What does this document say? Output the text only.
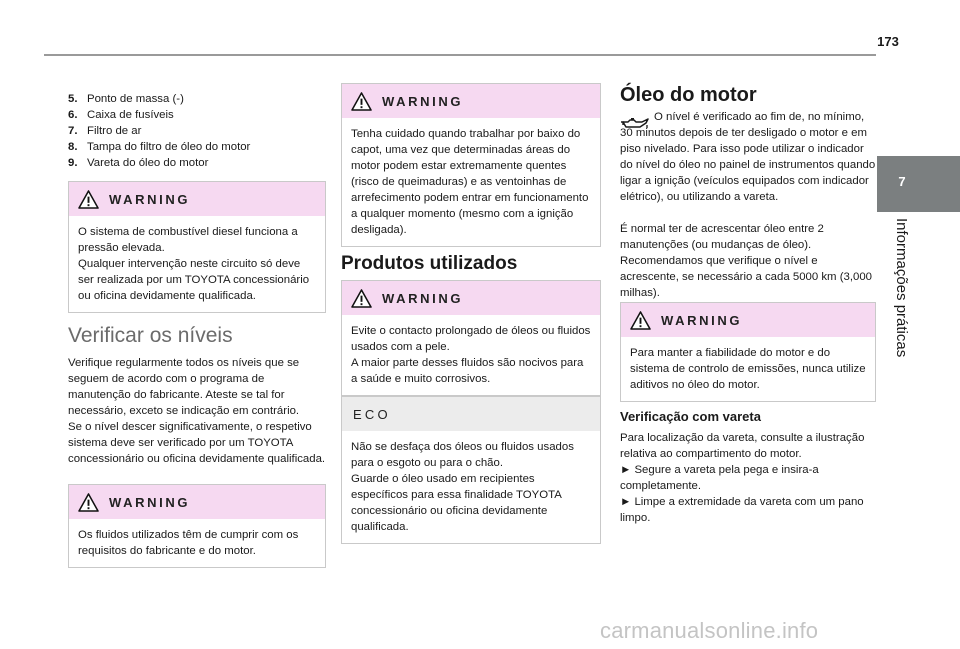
173
7
Informações práticas
5. Ponto de massa (-)
6. Caixa de fusíveis
7. Filtro de ar
8. Tampa do filtro de óleo do motor
9. Vareta do óleo do motor
WARNING

O sistema de combustível diesel funciona a pressão elevada.

Qualquer intervenção neste circuito só deve ser realizada por um TOYOTA concessionário ou oficina devidamente qualificada.

Verificar os níveis

Verifique regularmente todos os níveis que se seguem de acordo com o programa de manutenção do fabricante. Ateste se tal for necessário, exceto se indicação em contrário.

Se o nível descer significativamente, o respetivo sistema deve ser verificado por um TOYOTA concessionário ou oficina devidamente qualificada.

WARNING

Os fluidos utilizados têm de cumprir com os requisitos do fabricante e do motor.

WARNING

Tenha cuidado quando trabalhar por baixo do capot, uma vez que determinadas áreas do motor podem estar extremamente quentes (risco de queimaduras) e as ventoinhas de arrefecimento podem entrar em funcionamento a qualquer momento (mesmo com a ignição desligada).

Produtos utilizados
WARNING

Evite o contacto prolongado de óleos ou fluidos usados com a pele.

A maior parte desses fluidos são nocivos para a saúde e muito corrosivos.

ECO

Não se desfaça dos óleos ou fluidos usados para o esgoto ou para o chão.

Guarde o óleo usado em recipientes específicos para essa finalidade TOYOTA concessionário ou oficina devidamente qualificada.

Óleo do motor

O nível é verificado ao fim de, no mínimo, 30 minutos depois de ter desligado o motor e em piso nivelado. Para isso pode utilizar o indicador do nível do óleo no painel de instrumentos quando ligar a ignição (veículos equipados com indicador elétrico), ou utilizando a vareta.

É normal ter de acrescentar óleo entre 2 manutenções (ou mudanças de óleo). Recomendamos que verifique o nível e acrescente, se necessário a cada 5000 km (3,000 milhas).

WARNING

Para manter a fiabilidade do motor e do sistema de controlo de emissões, nunca utilize aditivos no óleo do motor.

Verificação com vareta

Para localização da vareta, consulte a ilustração relativa ao compartimento do motor.

► Segure a vareta pela pega e insira-a completamente.

► Limpe a extremidade da vareta com um pano limpo.

carmanualsonline.info
